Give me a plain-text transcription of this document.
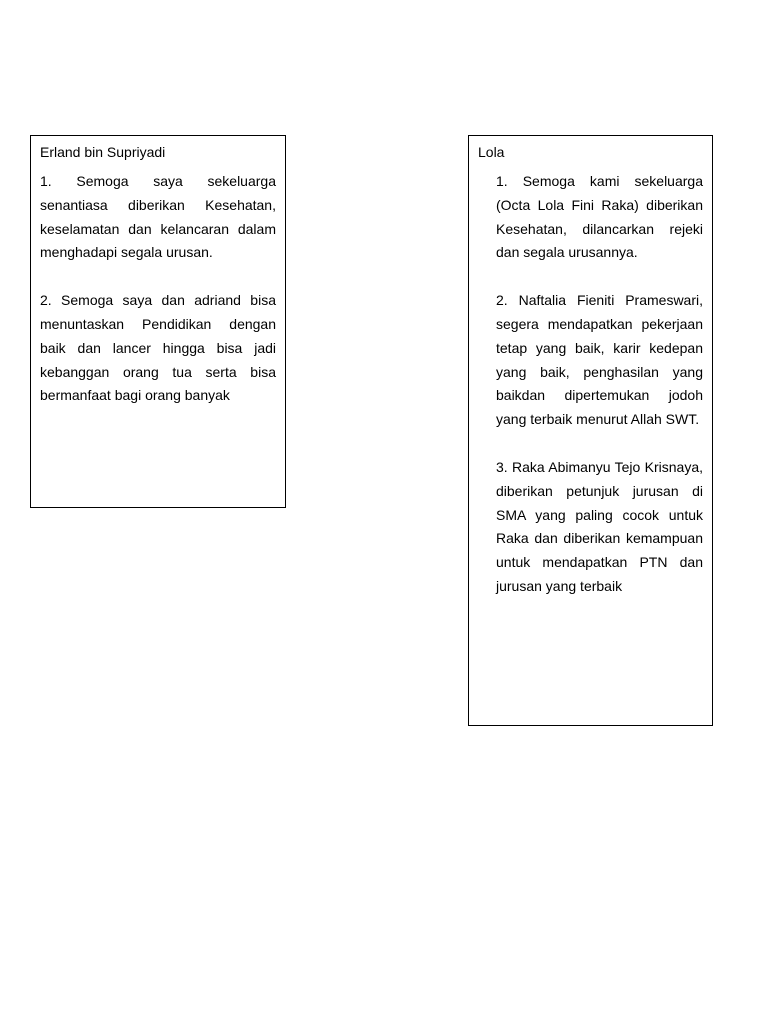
Erland bin Supriyadi

1. Semoga saya sekeluarga senantiasa diberikan Kesehatan, keselamatan dan kelancaran dalam menghadapi segala urusan.

2. Semoga saya dan adriand bisa menuntaskan Pendidikan dengan baik dan lancer hingga bisa jadi kebanggan orang tua serta bisa bermanfaat bagi orang banyak

Lola

1. Semoga kami sekeluarga (Octa Lola Fini Raka) diberikan Kesehatan, dilancarkan rejeki dan segala urusannya.

2. Naftalia Fieniti Prameswari, segera mendapatkan pekerjaan tetap yang baik, karir kedepan yang baik, penghasilan yang baikdan dipertemukan jodoh yang terbaik menurut Allah SWT.

3. Raka Abimanyu Tejo Krisnaya, diberikan petunjuk jurusan di SMA yang paling cocok untuk Raka dan diberikan kemampuan untuk mendapatkan PTN dan jurusan yang terbaik
